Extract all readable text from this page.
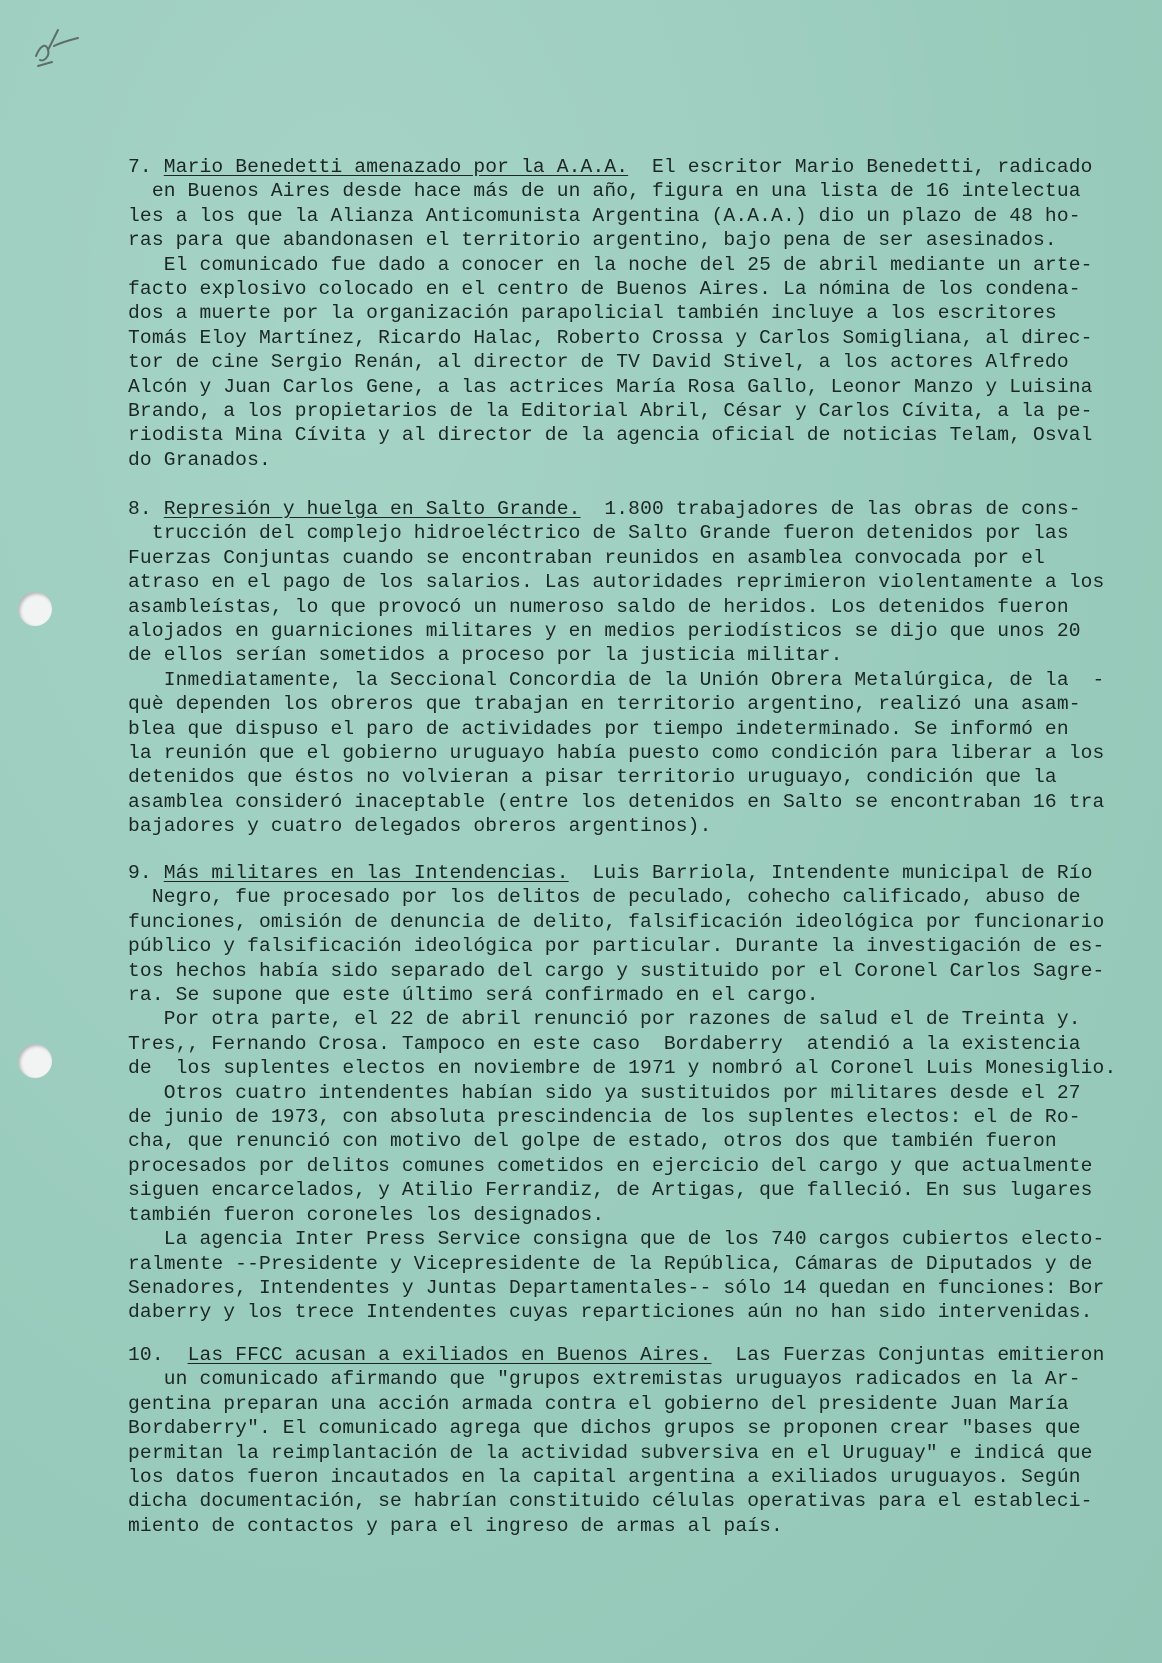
7. Mario Benedetti amenazado por la A.A.A.  El escritor Mario Benedetti, radicado

en Buenos Aires desde hace más de un año, figura en una lista de 16 intelectua

les a los que la Alianza Anticomunista Argentina (A.A.A.) dio un plazo de 48 ho-

ras para que abandonasen el territorio argentino, bajo pena de ser asesinados.

El comunicado fue dado a conocer en la noche del 25 de abril mediante un arte-

facto explosivo colocado en el centro de Buenos Aires. La nómina de los condena-

dos a muerte por la organización parapolicial también incluye a los escritores

Tomás Eloy Martínez, Ricardo Halac, Roberto Crossa y Carlos Somigliana, al direc-

tor de cine Sergio Renán, al director de TV David Stivel, a los actores Alfredo

Alcón y Juan Carlos Gene, a las actrices María Rosa Gallo, Leonor Manzo y Luisina

Brando, a los propietarios de la Editorial Abril, César y Carlos Cívita, a la pe-

riodista Mina Cívita y al director de la agencia oficial de noticias Telam, Osval

do Granados.

8. Represión y huelga en Salto Grande.  1.800 trabajadores de las obras de cons-

trucción del complejo hidroeléctrico de Salto Grande fueron detenidos por las

Fuerzas Conjuntas cuando se encontraban reunidos en asamblea convocada por el

atraso en el pago de los salarios. Las autoridades reprimieron violentamente a los

asambleístas, lo que provocó un numeroso saldo de heridos. Los detenidos fueron

alojados en guarniciones militares y en medios periodísticos se dijo que unos 20

de ellos serían sometidos a proceso por la justicia militar.

Inmediatamente, la Seccional Concordia de la Unión Obrera Metalúrgica, de la  -

què dependen los obreros que trabajan en territorio argentino, realizó una asam-

blea que dispuso el paro de actividades por tiempo indeterminado. Se informó en

la reunión que el gobierno uruguayo había puesto como condición para liberar a los

detenidos que éstos no volvieran a pisar territorio uruguayo, condición que la

asamblea consideró inaceptable (entre los detenidos en Salto se encontraban 16 tra

bajadores y cuatro delegados obreros argentinos).

9. Más militares en las Intendencias.  Luis Barriola, Intendente municipal de Río

Negro, fue procesado por los delitos de peculado, cohecho calificado, abuso de

funciones, omisión de denuncia de delito, falsificación ideológica por funcionario

público y falsificación ideológica por particular. Durante la investigación de es-

tos hechos había sido separado del cargo y sustituido por el Coronel Carlos Sagre-

ra. Se supone que este último será confirmado en el cargo.

Por otra parte, el 22 de abril renunció por razones de salud el de Treinta y.

Tres,, Fernando Crosa. Tampoco en este caso  Bordaberry  atendió a la existencia

de  los suplentes electos en noviembre de 1971 y nombró al Coronel Luis Monesiglio.

Otros cuatro intendentes habían sido ya sustituidos por militares desde el 27

de junio de 1973, con absoluta prescindencia de los suplentes electos: el de Ro-

cha, que renunció con motivo del golpe de estado, otros dos que también fueron

procesados por delitos comunes cometidos en ejercicio del cargo y que actualmente

siguen encarcelados, y Atilio Ferrandiz, de Artigas, que falleció. En sus lugares

también fueron coroneles los designados.

La agencia Inter Press Service consigna que de los 740 cargos cubiertos electo-

ralmente --Presidente y Vicepresidente de la República, Cámaras de Diputados y de

Senadores, Intendentes y Juntas Departamentales-- sólo 14 quedan en funciones: Bor

daberry y los trece Intendentes cuyas reparticiones aún no han sido intervenidas.

10. Las FFCC acusan a exiliados en Buenos Aires.  Las Fuerzas Conjuntas emitieron

un comunicado afirmando que "grupos extremistas uruguayos radicados en la Ar-

gentina preparan una acción armada contra el gobierno del presidente Juan María

Bordaberry". El comunicado agrega que dichos grupos se proponen crear "bases que

permitan la reimplantación de la actividad subversiva en el Uruguay" e indicá que

los datos fueron incautados en la capital argentina a exiliados uruguayos. Según

dicha documentación, se habrían constituido células operativas para el estableci-

miento de contactos y para el ingreso de armas al país.
